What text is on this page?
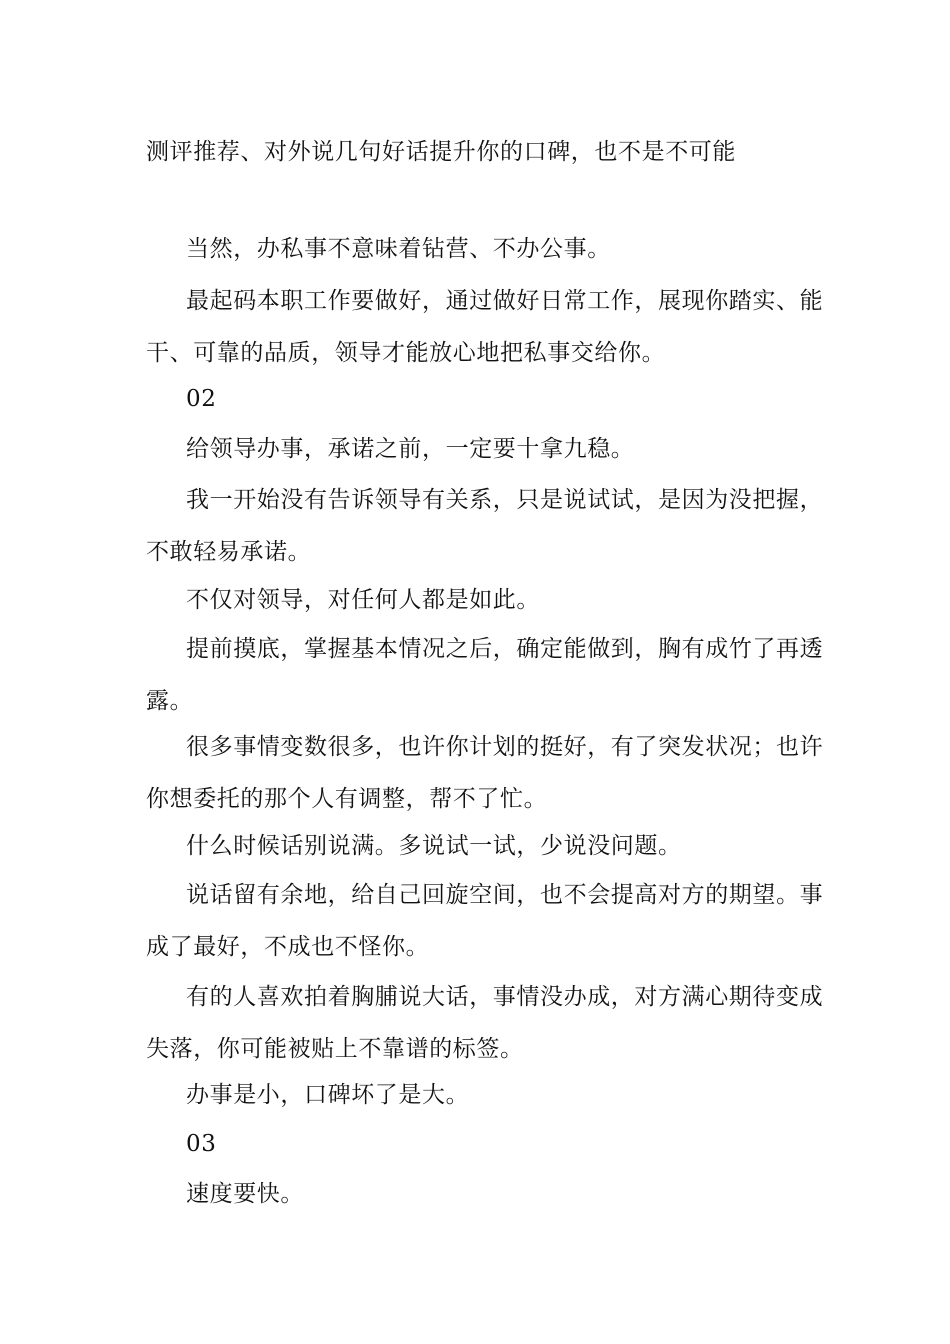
测评推荐、对外说几句好话提升你的口碑，也不是不可能

当然，办私事不意味着钻营、不办公事。

最起码本职工作要做好，通过做好日常工作，展现你踏实、能干、可靠的品质，领导才能放心地把私事交给你。

02

给领导办事，承诺之前，一定要十拿九稳。

我一开始没有告诉领导有关系，只是说试试，是因为没把握，不敢轻易承诺。

不仅对领导，对任何人都是如此。

提前摸底，掌握基本情况之后，确定能做到，胸有成竹了再透露。

很多事情变数很多，也许你计划的挺好，有了突发状况；也许你想委托的那个人有调整，帮不了忙。

什么时候话别说满。多说试一试，少说没问题。

说话留有余地，给自己回旋空间，也不会提高对方的期望。事成了最好，不成也不怪你。

有的人喜欢拍着胸脯说大话，事情没办成，对方满心期待变成失落，你可能被贴上不靠谱的标签。

办事是小，口碑坏了是大。

03

速度要快。
